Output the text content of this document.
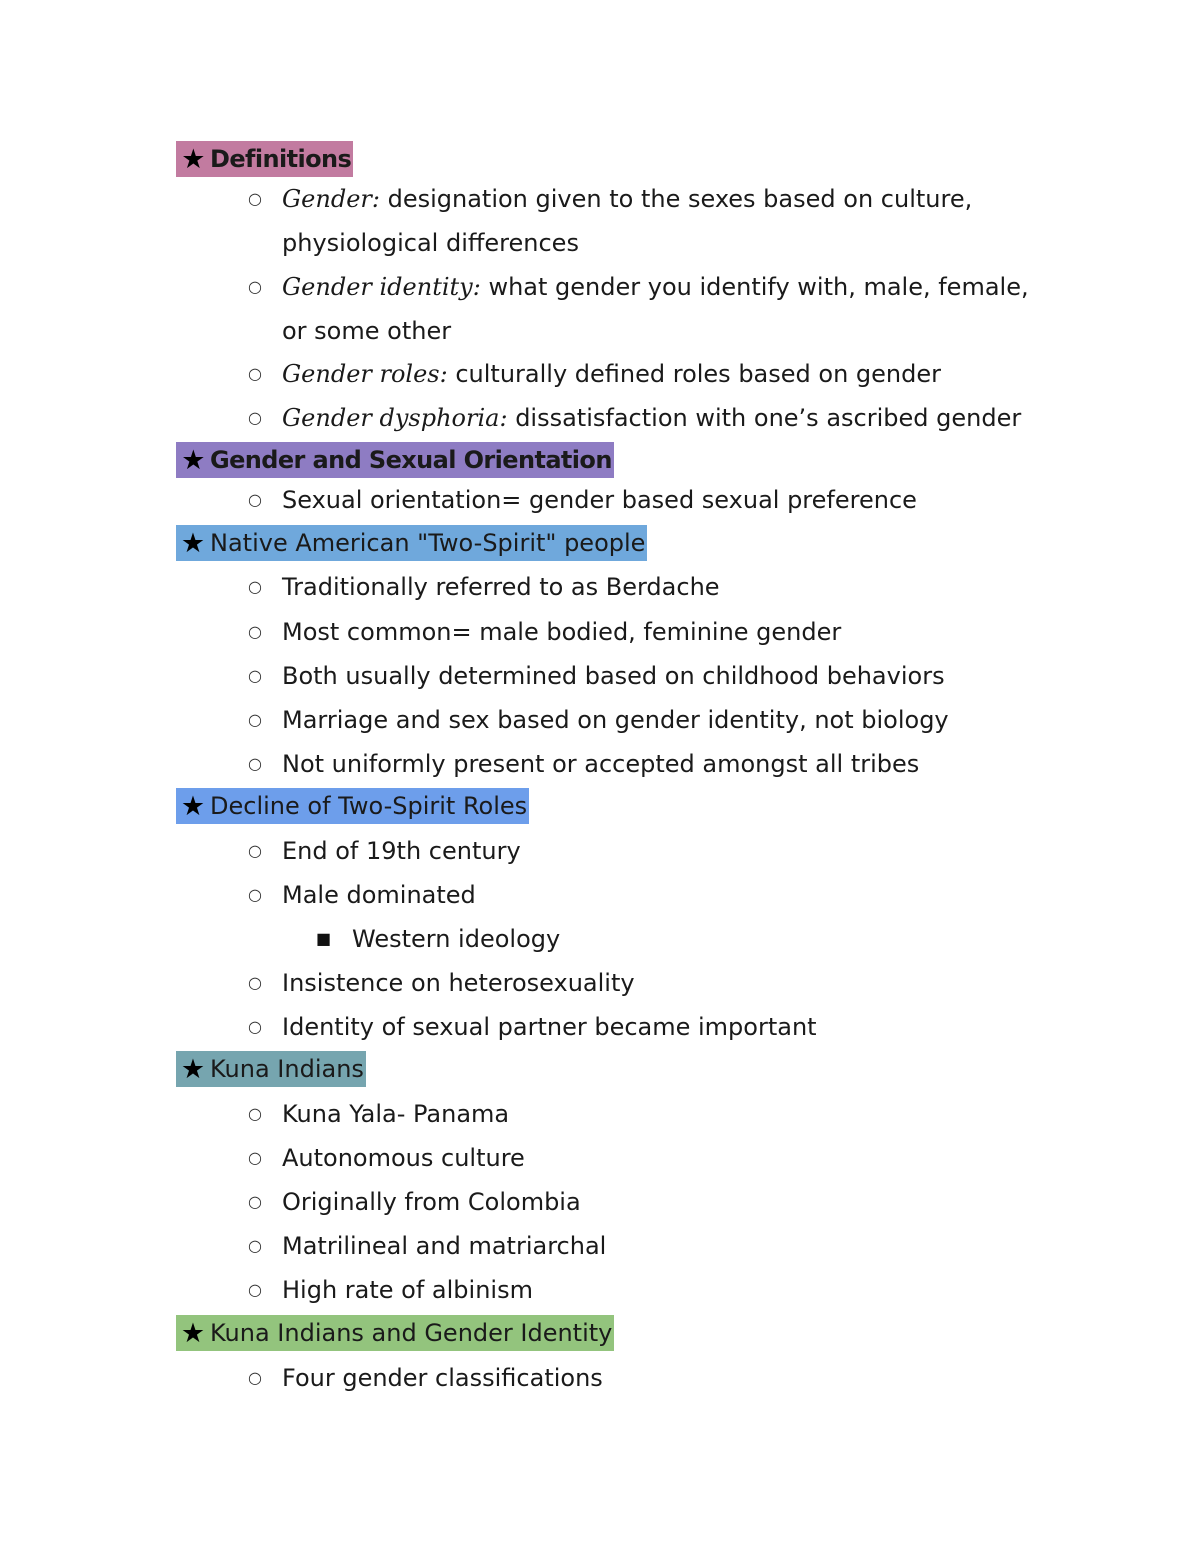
★ Definitions
○ Gender: designation given to the sexes based on culture,
physiological differences
○ Gender identity: what gender you identify with, male, female,
or some other
○ Gender roles: culturally defined roles based on gender
○ Gender dysphoria: dissatisfaction with one’s ascribed gender
★ Gender and Sexual Orientation
○ Sexual orientation= gender based sexual preference
★ Native American "Two-Spirit" people
○ Traditionally referred to as Berdache
○ Most common= male bodied, feminine gender
○ Both usually determined based on childhood behaviors
○ Marriage and sex based on gender identity, not biology
○ Not uniformly present or accepted amongst all tribes
★ Decline of Two-Spirit Roles
○ End of 19th century
○ Male dominated
■ Western ideology
○ Insistence on heterosexuality
○ Identity of sexual partner became important
★ Kuna Indians
○ Kuna Yala- Panama
○ Autonomous culture
○ Originally from Colombia
○ Matrilineal and matriarchal
○ High rate of albinism
★ Kuna Indians and Gender Identity
○ Four gender classifications
